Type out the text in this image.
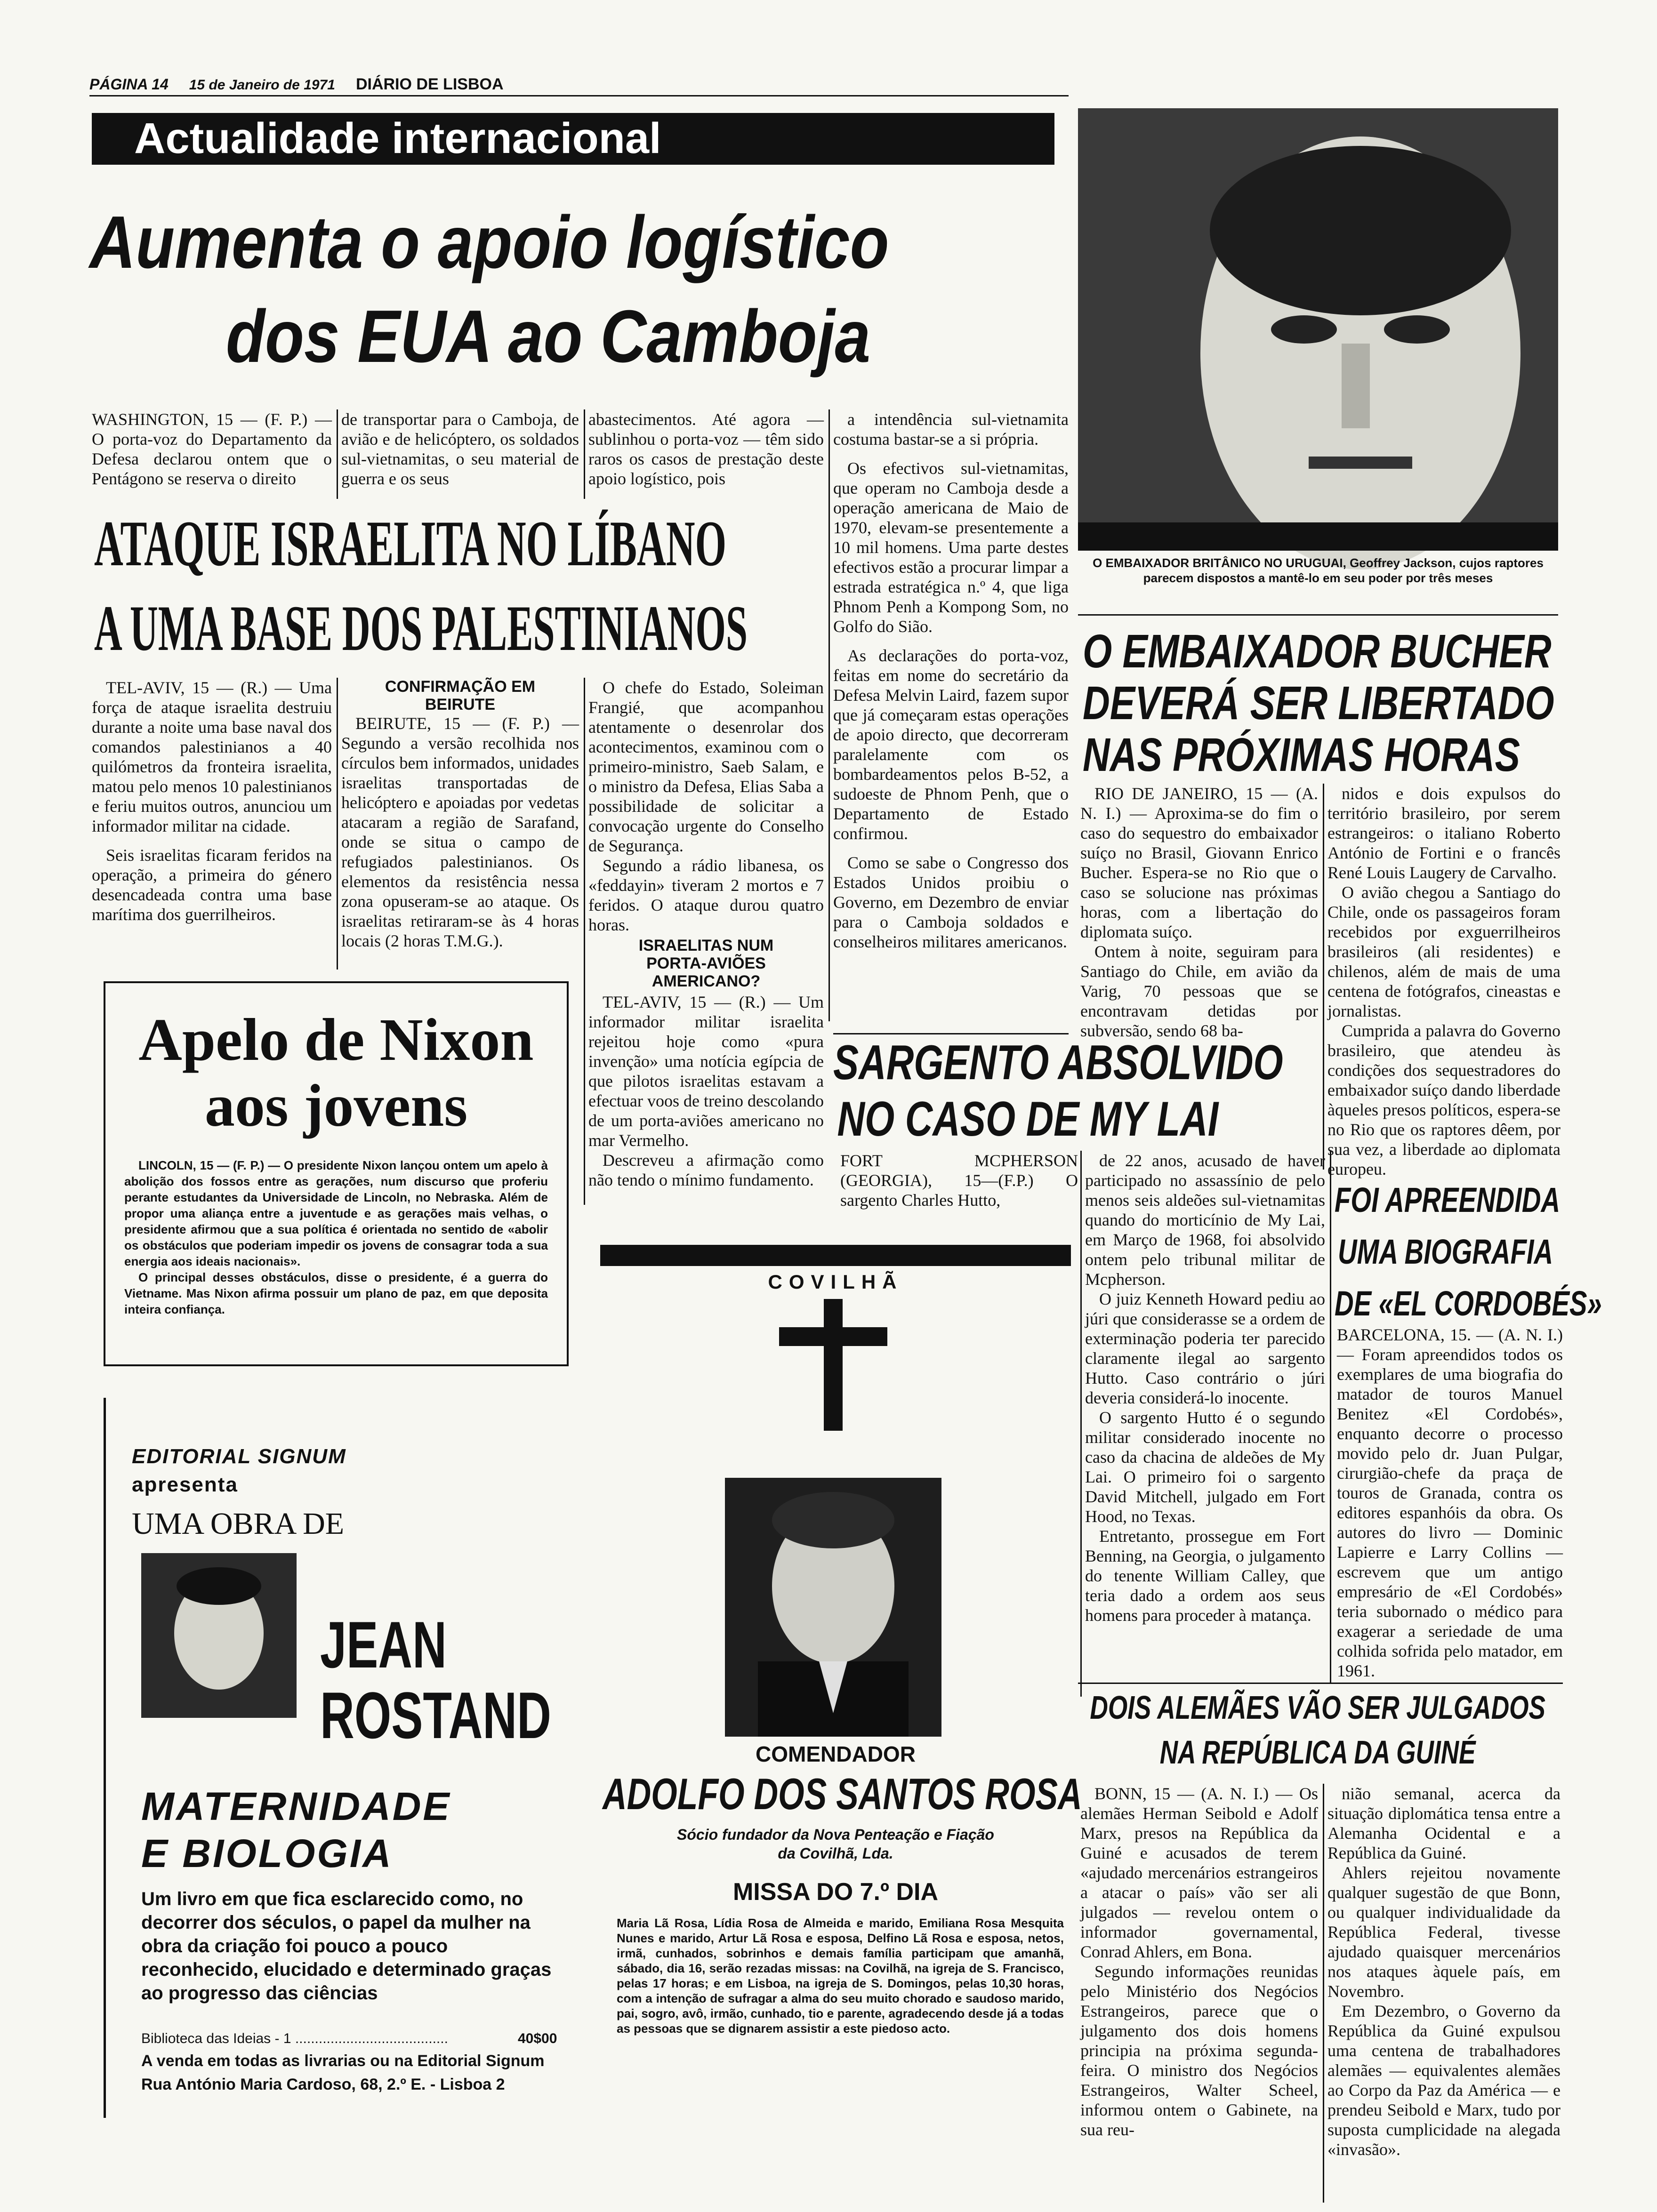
PÁGINA 14 15 de Janeiro de 1971 DIÁRIO DE LISBOA
Actualidade internacional
Aumenta o apoio logístico
dos EUA ao Camboja
WASHINGTON, 15 — (F. P.) — O porta-voz do Departamento da Defesa declarou ontem que o Pentágono se reserva o direito
de transportar para o Camboja, de avião e de helicóptero, os soldados sul-vietnamitas, o seu material de guerra e os seus
abastecimentos. Até agora — sublinhou o porta-voz — têm sido raros os casos de prestação deste apoio logístico, pois

a intendência sul-vietnamita costuma bastar-se a si própria.

Os efectivos sul-vietnamitas, que operam no Camboja desde a operação americana de Maio de 1970, elevam-se presentemente a 10 mil homens. Uma parte destes efectivos estão a procurar limpar a estrada estratégica n.º 4, que liga Phnom Penh a Kompong Som, no Golfo do Sião.

As declarações do porta-voz, feitas em nome do secretário da Defesa Melvin Laird, fazem supor que já começaram estas operações de apoio directo, que decorreram paralelamente com os bombardeamentos pelos B-52, a sudoeste de Phnom Penh, que o Departamento de Estado confirmou.

Como se sabe o Congresso dos Estados Unidos proibiu o Governo, em Dezembro de enviar para o Camboja soldados e conselheiros militares americanos.

ATAQUE ISRAELITA NO LÍBANO
A UMA BASE DOS PALESTINIANOS

TEL-AVIV, 15 — (R.) — Uma força de ataque israelita destruiu durante a noite uma base naval dos comandos palestinianos a 40 quilómetros da fronteira israelita, matou pelo menos 10 palestinianos e feriu muitos outros, anunciou um informador militar na cidade.

Seis israelitas ficaram feridos na operação, a primeira do género desencadeada contra uma base marítima dos guerrilheiros.

CONFIRMAÇÃO EM BEIRUTE

BEIRUTE, 15 — (F. P.) — Segundo a versão recolhida nos círculos bem informados, unidades israelitas transportadas de helicóptero e apoiadas por vedetas atacaram a região de Sarafand, onde se situa o campo de refugiados palestinianos. Os elementos da resistência nessa zona opuseram-se ao ataque. Os israelitas retiraram-se às 4 horas locais (2 horas T.M.G.).

O chefe do Estado, Soleiman Frangié, que acompanhou atentamente o desenrolar dos acontecimentos, examinou com o primeiro-ministro, Saeb Salam, e o ministro da Defesa, Elias Saba a possibilidade de solicitar a convocação urgente do Conselho de Segurança.

Segundo a rádio libanesa, os «feddayin» tiveram 2 mortos e 7 feridos. O ataque durou quatro horas.

ISRAELITAS NUM PORTA-AVIÕES AMERICANO?

TEL-AVIV, 15 — (R.) — Um informador militar israelita rejeitou hoje como «pura invenção» uma notícia egípcia de que pilotos israelitas estavam a efectuar voos de treino descolando de um porta-aviões americano no mar Vermelho.

Descreveu a afirmação como não tendo o mínimo fundamento.

O EMBAIXADOR BRITÂNICO NO URUGUAI, Geoffrey Jackson, cujos raptores parecem dispostos a mantê-lo em seu poder por três meses
O EMBAIXADOR BUCHER
DEVERÁ SER LIBERTADO
NAS PRÓXIMAS HORAS

RIO DE JANEIRO, 15 — (A. N. I.) — Aproxima-se do fim o caso do sequestro do embaixador suíço no Brasil, Giovann Enrico Bucher. Espera-se no Rio que o caso se solucione nas próximas horas, com a libertação do diplomata suíço.

Ontem à noite, seguiram para Santiago do Chile, em avião da Varig, 70 pessoas que se encontravam detidas por subversão, sendo 68 ba-

nidos e dois expulsos do território brasileiro, por serem estrangeiros: o italiano Roberto António de Fortini e o francês René Louis Laugery de Carvalho.

O avião chegou a Santiago do Chile, onde os passageiros foram recebidos por exguerrilheiros brasileiros (ali residentes) e chilenos, além de mais de uma centena de fotógrafos, cineastas e jornalistas.

Cumprida a palavra do Governo brasileiro, que atendeu às condições dos sequestradores do embaixador suíço dando liberdade àqueles presos políticos, espera-se no Rio que os raptores dêem, por sua vez, a liberdade ao diplomata europeu.

Apelo de Nixon
aos jovens

LINCOLN, 15 — (F. P.) — O presidente Nixon lançou ontem um apelo à abolição dos fossos entre as gerações, num discurso que proferiu perante estudantes da Universidade de Lincoln, no Nebraska. Além de propor uma aliança entre a juventude e as gerações mais velhas, o presidente afirmou que a sua política é orientada no sentido de «abolir os obstáculos que poderiam impedir os jovens de consagrar toda a sua energia aos ideais nacionais».

O principal desses obstáculos, disse o presidente, é a guerra do Vietname. Mas Nixon afirma possuir um plano de paz, em que deposita inteira confiança.

SARGENTO ABSOLVIDO
NO CASO DE MY LAI
FORT MCPHERSON (GEORGIA), 15—(F.P.) O sargento Charles Hutto,

de 22 anos, acusado de haver participado no assassínio de pelo menos seis aldeões sul-vietnamitas quando do morticínio de My Lai, em Março de 1968, foi absolvido ontem pelo tribunal militar de Mcpherson.

O juiz Kenneth Howard pediu ao júri que considerasse se a ordem de exterminação poderia ter parecido claramente ilegal ao sargento Hutto. Caso contrário o júri deveria considerá-lo inocente.

O sargento Hutto é o segundo militar considerado inocente no caso da chacina de aldeões de My Lai. O primeiro foi o sargento David Mitchell, julgado em Fort Hood, no Texas.

Entretanto, prossegue em Fort Benning, na Georgia, o julgamento do tenente William Calley, que teria dado a ordem aos seus homens para proceder à matança.

FOI APREENDIDA
UMA BIOGRAFIA
DE «EL CORDOBÉS»
BARCELONA, 15. — (A. N. I.) — Foram apreendidos todos os exemplares de uma biografia do matador de touros Manuel Benitez «El Cordobés», enquanto decorre o processo movido pelo dr. Juan Pulgar, cirurgião-chefe da praça de touros de Granada, contra os editores espanhóis da obra. Os autores do livro — Dominic Lapierre e Larry Collins — escrevem que um antigo empresário de «El Cordobés» teria subornado o médico para exagerar a seriedade de uma colhida sofrida pelo matador, em 1961.
COVILHÃ
COMENDADOR
ADOLFO DOS SANTOS ROSA
Sócio fundador da Nova Penteação e Fiação
da Covilhã, Lda.
MISSA DO 7.º DIA
Maria Lã Rosa, Lídia Rosa de Almeida e marido, Emiliana Rosa Mesquita Nunes e marido, Artur Lã Rosa e esposa, Delfino Lã Rosa e esposa, netos, irmã, cunhados, sobrinhos e demais família participam que amanhã, sábado, dia 16, serão rezadas missas: na Covilhã, na igreja de S. Francisco, pelas 17 horas; e em Lisboa, na igreja de S. Domingos, pelas 10,30 horas, com a intenção de sufragar a alma do seu muito chorado e saudoso marido, pai, sogro, avô, irmão, cunhado, tio e parente, agradecendo desde já a todas as pessoas que se dignarem assistir a este piedoso acto.
EDITORIAL SIGNUM
apresenta
UMA OBRA DE
JEAN
ROSTAND
MATERNIDADE
E BIOLOGIA
Um livro em que fica esclarecido como, no decorrer dos séculos, o papel da mulher na obra da criação foi pouco a pouco reconhecido, elucidado e determinado graças ao progresso das ciências
Biblioteca das Ideias - 1 .......................................	40$00
A venda em todas as livrarias ou na Editorial Signum
Rua António Maria Cardoso, 68, 2.º E. - Lisboa 2
DOIS ALEMÃES VÃO SER JULGADOS
NA REPÚBLICA DA GUINÉ

BONN, 15 — (A. N. I.) — Os alemães Herman Seibold e Adolf Marx, presos na República da Guiné e acusados de terem «ajudado mercenários estrangeiros a atacar o país» vão ser ali julgados — revelou ontem o informador governamental, Conrad Ahlers, em Bona.

Segundo informações reunidas pelo Ministério dos Negócios Estrangeiros, parece que o julgamento dos dois homens principia na próxima segunda-feira. O ministro dos Negócios Estrangeiros, Walter Scheel, informou ontem o Gabinete, na sua reu-

nião semanal, acerca da situação diplomática tensa entre a Alemanha Ocidental e a República da Guiné.

Ahlers rejeitou novamente qualquer sugestão de que Bonn, ou qualquer individualidade da República Federal, tivesse ajudado quaisquer mercenários nos ataques àquele país, em Novembro.

Em Dezembro, o Governo da República da Guiné expulsou uma centena de trabalhadores alemães — equivalentes alemães ao Corpo da Paz da América — e prendeu Seibold e Marx, tudo por suposta cumplicidade na alegada «invasão».
